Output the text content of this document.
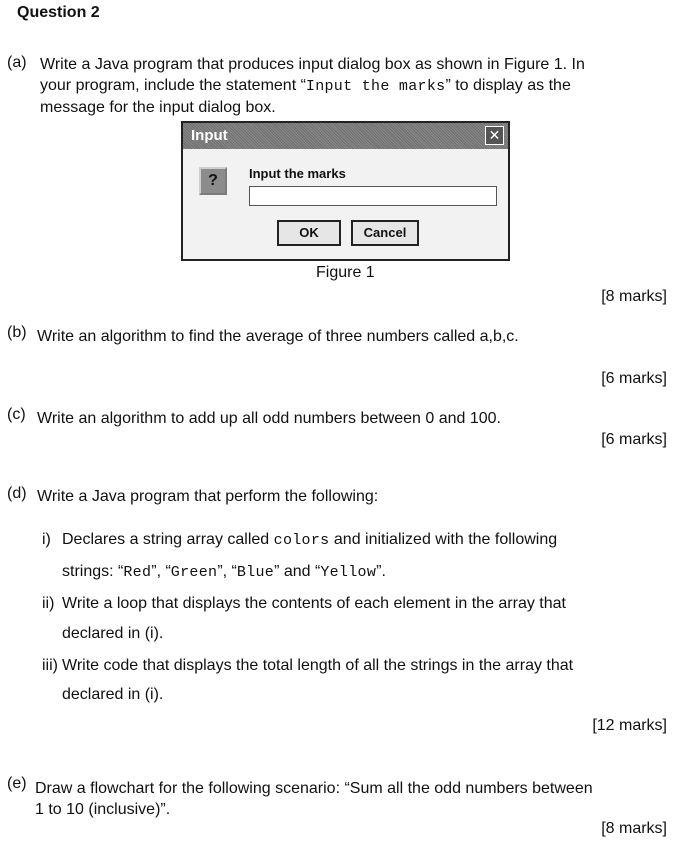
Question 2
(a) Write a Java program that produces input dialog box as shown in Figure 1. In
your program, include the statement “Input the marks” to display as the
message for the input dialog box.
Input	✕
?	Input the marks
OK	Cancel
Figure 1
[8 marks]
(b) Write an algorithm to find the average of three numbers called a,b,c.
[6 marks]
(c) Write an algorithm to add up all odd numbers between 0 and 100.
[6 marks]
(d) Write a Java program that perform the following:
i) Declares a string array called colors and initialized with the following
strings: “Red”, “Green”, “Blue” and “Yellow”.
ii) Write a loop that displays the contents of each element in the array that
declared in (i).
iii) Write code that displays the total length of all the strings in the array that
declared in (i).
[12 marks]
(e) Draw a flowchart for the following scenario: “Sum all the odd numbers between
1 to 10 (inclusive)”.
[8 marks]
